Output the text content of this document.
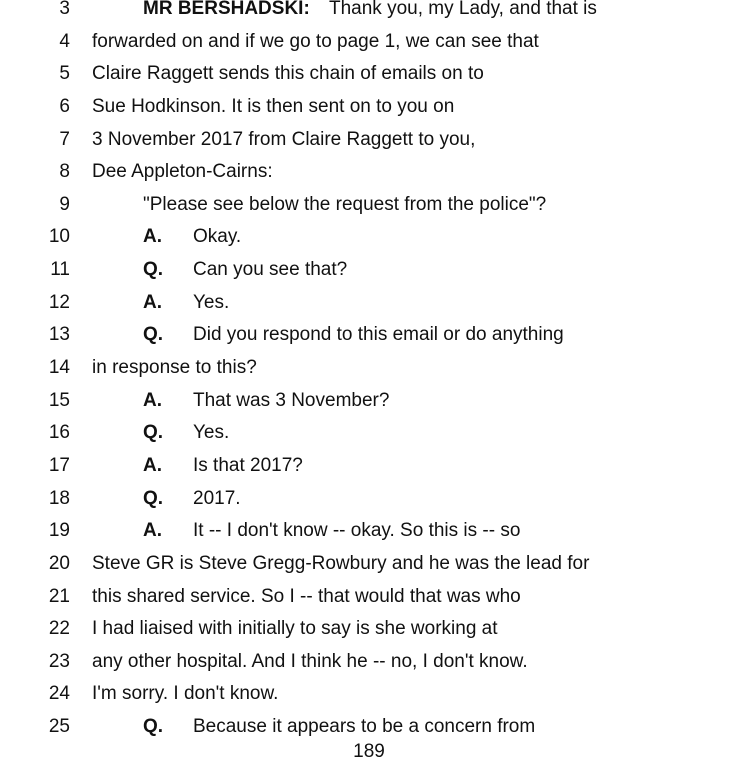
3	MR BERSHADSKI: Thank you, my Lady, and that is
4 forwarded on and if we go to page 1, we can see that
5 Claire Raggett sends this chain of emails on to
6 Sue Hodkinson. It is then sent on to you on
7 3 November 2017 from Claire Raggett to you,
8 Dee Appleton-Cairns:
9	"Please see below the request from the police"?
10	A. Okay.
11	Q. Can you see that?
12	A. Yes.
13	Q. Did you respond to this email or do anything
14 in response to this?
15	A. That was 3 November?
16	Q. Yes.
17	A. Is that 2017?
18	Q. 2017.
19	A. It -- I don't know -- okay. So this is -- so
20 Steve GR is Steve Gregg-Rowbury and he was the lead for
21 this shared service. So I -- that would that was who
22 I had liaised with initially to say is she working at
23 any other hospital. And I think he -- no, I don't know.
24 I'm sorry. I don't know.
25	Q. Because it appears to be a concern from
189
